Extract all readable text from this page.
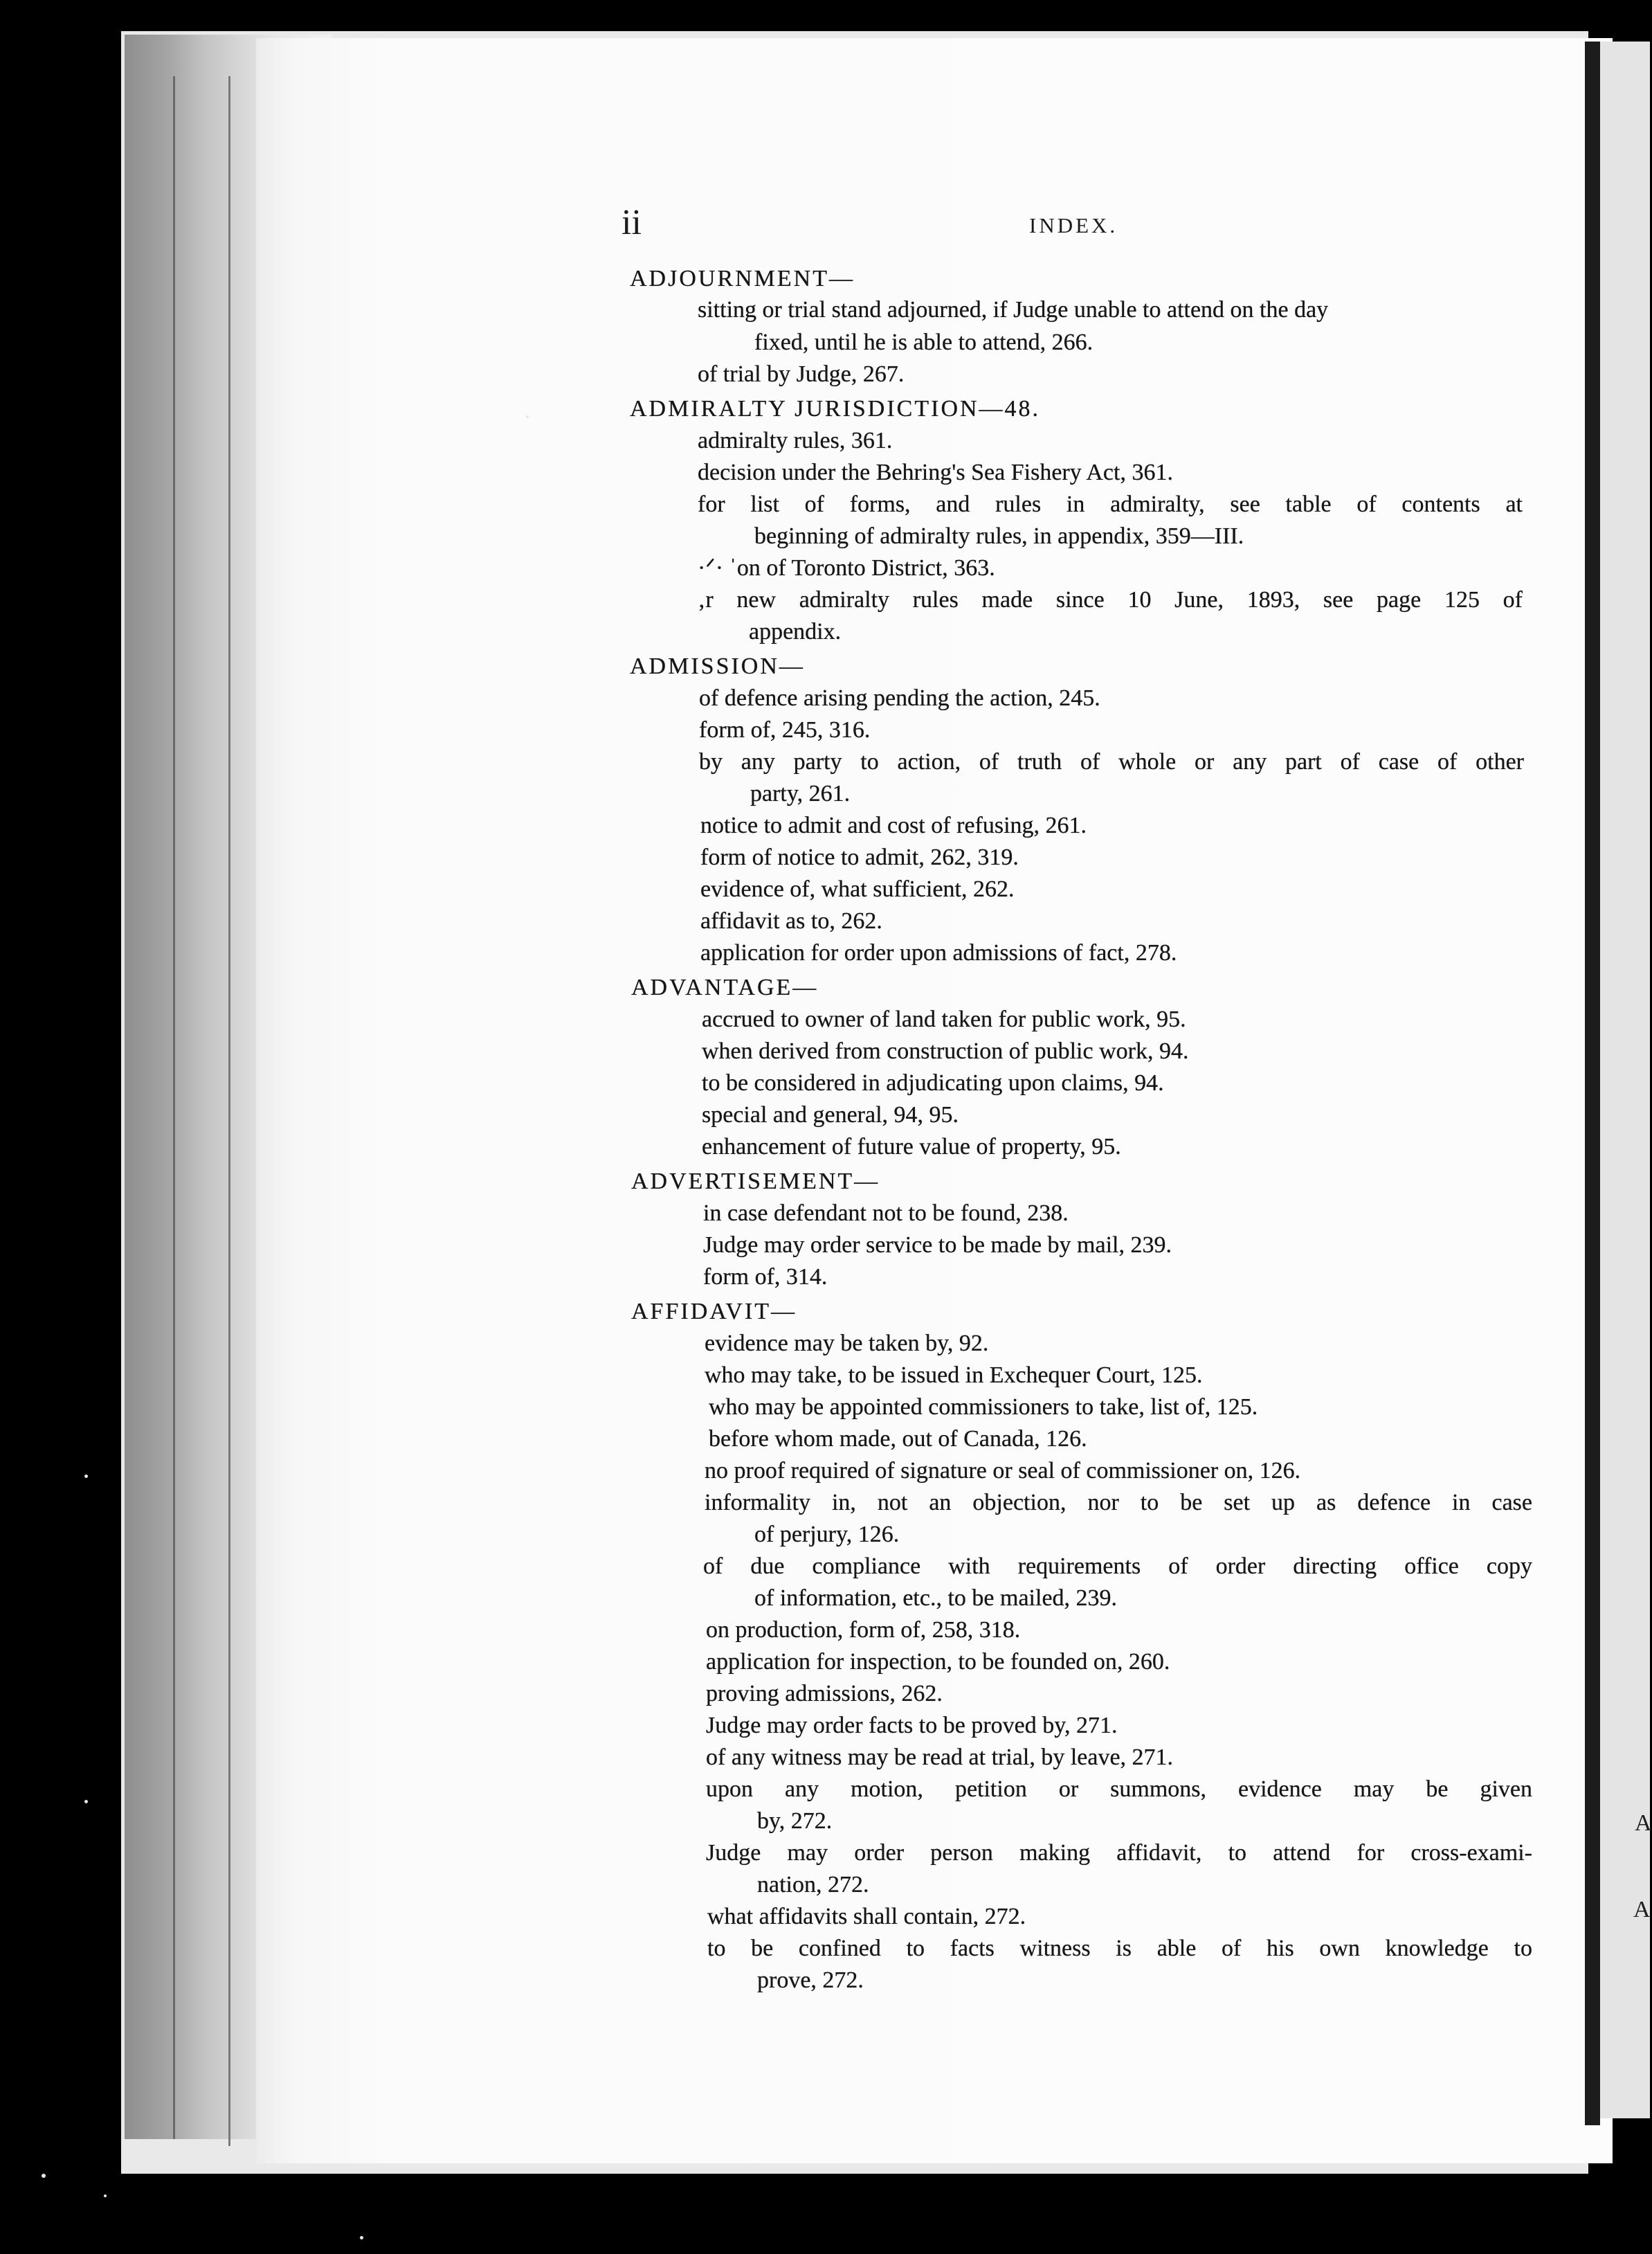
A
A
ii	INDEX.
ADJOURNMENT—
sitting or trial stand adjourned, if Judge unable to attend on the day
fixed, until he is able to attend, 266.
of trial by Judge, 267.
ADMIRALTY JURISDICTION—48.
admiralty rules, 361.
decision under the Behring's Sea Fishery Act, 361.
for list of forms, and rules in admiralty, see table of contents at
beginning of admiralty rules, in appendix, 359—III.
·ᐟ· ˈon of Toronto District, 363.
‚r new admiralty rules made since 10 June, 1893, see page 125 of
appendix.
ADMISSION—
of defence arising pending the action, 245.
form of, 245, 316.
by any party to action, of truth of whole or any part of case of other
party, 261.
notice to admit and cost of refusing, 261.
form of notice to admit, 262, 319.
evidence of, what sufficient, 262.
affidavit as to, 262.
application for order upon admissions of fact, 278.
ADVANTAGE—
accrued to owner of land taken for public work, 95.
when derived from construction of public work, 94.
to be considered in adjudicating upon claims, 94.
special and general, 94, 95.
enhancement of future value of property, 95.
ADVERTISEMENT—
in case defendant not to be found, 238.
Judge may order service to be made by mail, 239.
form of, 314.
AFFIDAVIT—
evidence may be taken by, 92.
who may take, to be issued in Exchequer Court, 125.
who may be appointed commissioners to take, list of, 125.
before whom made, out of Canada, 126.
no proof required of signature or seal of commissioner on, 126.
informality in, not an objection, nor to be set up as defence in case
of perjury, 126.
of due compliance with requirements of order directing office copy
of information, etc., to be mailed, 239.
on production, form of, 258, 318.
application for inspection, to be founded on, 260.
proving admissions, 262.
Judge may order facts to be proved by, 271.
of any witness may be read at trial, by leave, 271.
upon any motion, petition or summons, evidence may be given
by, 272.
Judge may order person making affidavit, to attend for cross-exami-
nation, 272.
what affidavits shall contain, 272.
to be confined to facts witness is able of his own knowledge to
prove, 272.
